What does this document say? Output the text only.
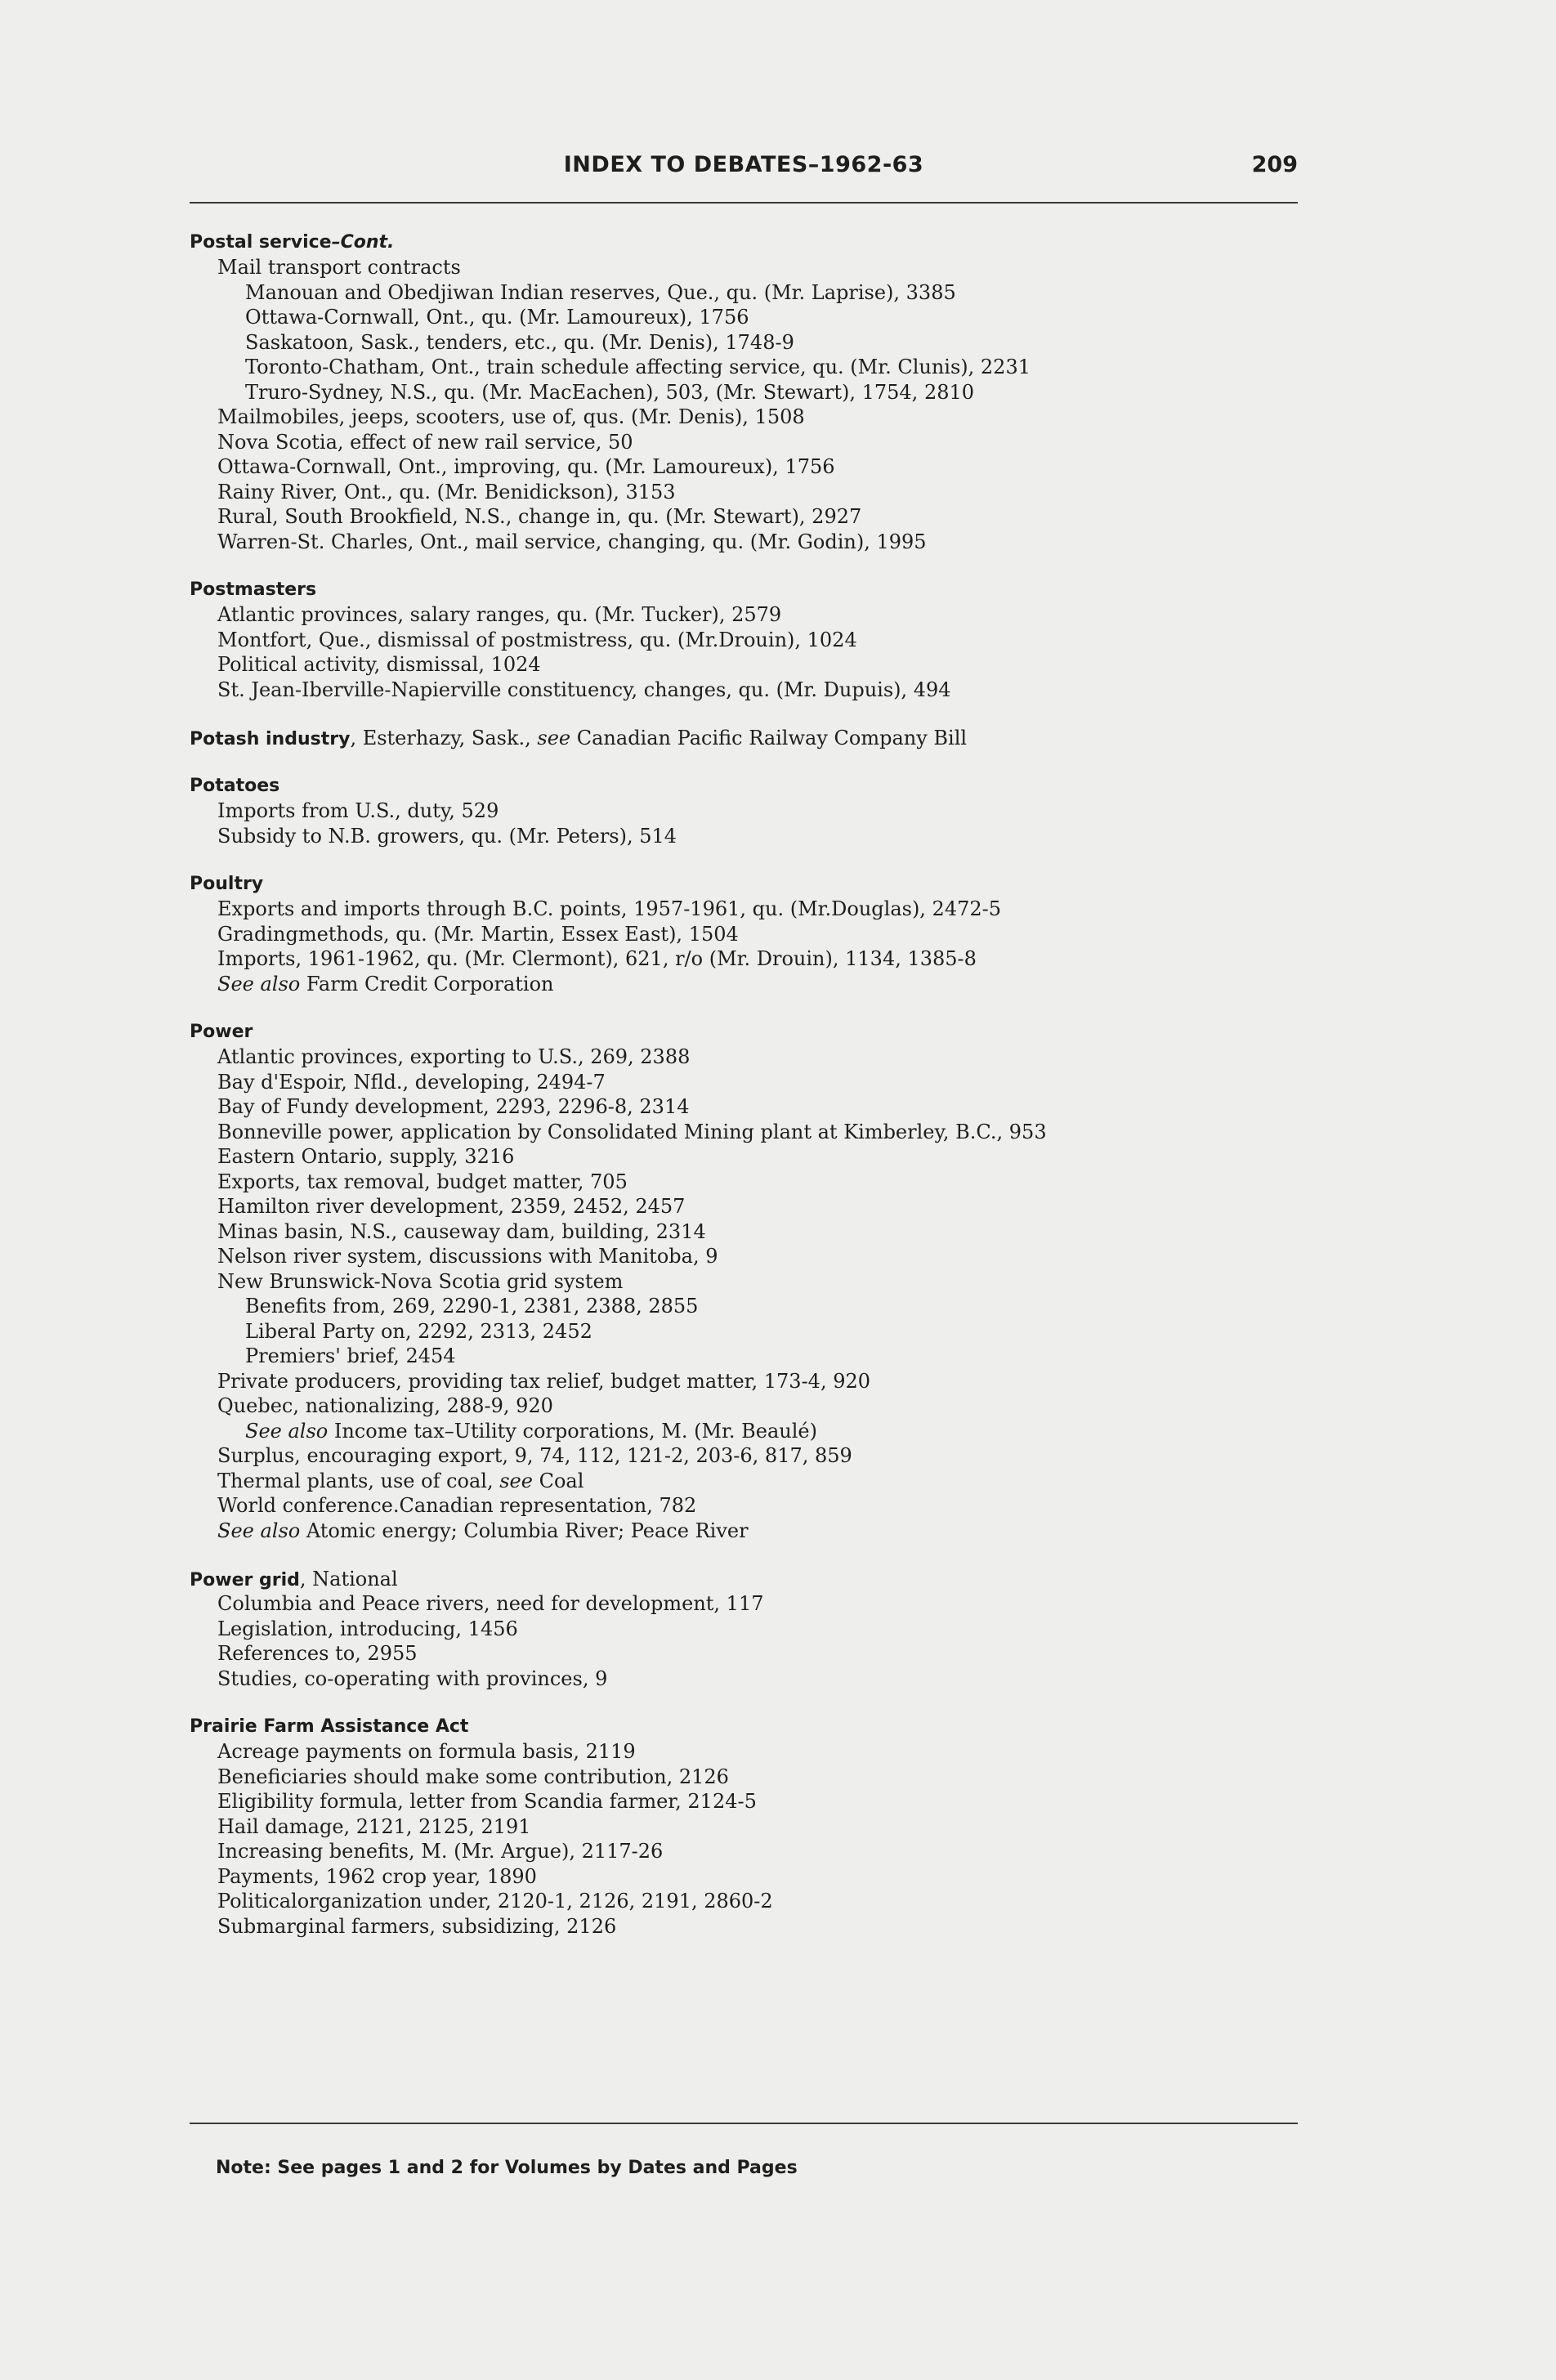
INDEX TO DEBATES–1962-63	209
Postal service–Cont.
Mail transport contracts
Manouan and Obedjiwan Indian reserves, Que., qu. (Mr. Laprise), 3385
Ottawa-Cornwall, Ont., qu. (Mr. Lamoureux), 1756
Saskatoon, Sask., tenders, etc., qu. (Mr. Denis), 1748-9
Toronto-Chatham, Ont., train schedule affecting service, qu. (Mr. Clunis), 2231
Truro-Sydney, N.S., qu. (Mr. MacEachen), 503, (Mr. Stewart), 1754, 2810
Mailmobiles, jeeps, scooters, use of, qus. (Mr. Denis), 1508
Nova Scotia, effect of new rail service, 50
Ottawa-Cornwall, Ont., improving, qu. (Mr. Lamoureux), 1756
Rainy River, Ont., qu. (Mr. Benidickson), 3153
Rural, South Brookfield, N.S., change in, qu. (Mr. Stewart), 2927
Warren-St. Charles, Ont., mail service, changing, qu. (Mr. Godin), 1995
Postmasters
Atlantic provinces, salary ranges, qu. (Mr. Tucker), 2579
Montfort, Que., dismissal of postmistress, qu. (Mr.Drouin), 1024
Political activity, dismissal, 1024
St. Jean-Iberville-Napierville constituency, changes, qu. (Mr. Dupuis), 494
Potash industry, Esterhazy, Sask., see Canadian Pacific Railway Company Bill
Potatoes
Imports from U.S., duty, 529
Subsidy to N.B. growers, qu. (Mr. Peters), 514
Poultry
Exports and imports through B.C. points, 1957-1961, qu. (Mr.Douglas), 2472-5
Gradingmethods, qu. (Mr. Martin, Essex East), 1504
Imports, 1961-1962, qu. (Mr. Clermont), 621, r/o (Mr. Drouin), 1134, 1385-8
See also Farm Credit Corporation
Power
Atlantic provinces, exporting to U.S., 269, 2388
Bay d'Espoir, Nfld., developing, 2494-7
Bay of Fundy development, 2293, 2296-8, 2314
Bonneville power, application by Consolidated Mining plant at Kimberley, B.C., 953
Eastern Ontario, supply, 3216
Exports, tax removal, budget matter, 705
Hamilton river development, 2359, 2452, 2457
Minas basin, N.S., causeway dam, building, 2314
Nelson river system, discussions with Manitoba, 9
New Brunswick-Nova Scotia grid system
Benefits from, 269, 2290-1, 2381, 2388, 2855
Liberal Party on, 2292, 2313, 2452
Premiers' brief, 2454
Private producers, providing tax relief, budget matter, 173-4, 920
Quebec, nationalizing, 288-9, 920
See also Income tax–Utility corporations, M. (Mr. Beaulé)
Surplus, encouraging export, 9, 74, 112, 121-2, 203-6, 817, 859
Thermal plants, use of coal, see Coal
World conference.Canadian representation, 782
See also Atomic energy; Columbia River; Peace River
Power grid, National
Columbia and Peace rivers, need for development, 117
Legislation, introducing, 1456
References to, 2955
Studies, co-operating with provinces, 9
Prairie Farm Assistance Act
Acreage payments on formula basis, 2119
Beneficiaries should make some contribution, 2126
Eligibility formula, letter from Scandia farmer, 2124-5
Hail damage, 2121, 2125, 2191
Increasing benefits, M. (Mr. Argue), 2117-26
Payments, 1962 crop year, 1890
Politicalorganization under, 2120-1, 2126, 2191, 2860-2
Submarginal farmers, subsidizing, 2126
Note: See pages 1 and 2 for Volumes by Dates and Pages
